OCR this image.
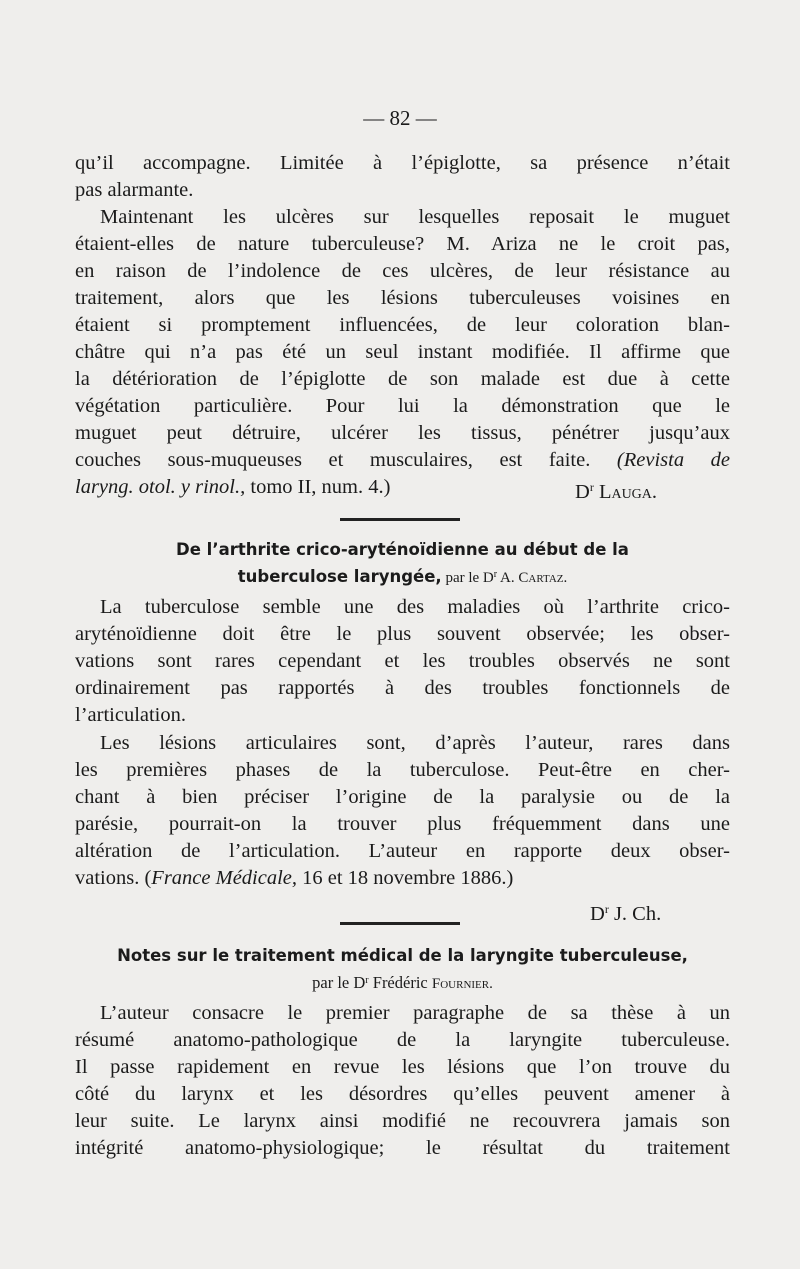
— 82 —
qu’il accompagne. Limitée à l’épiglotte, sa présence n’était
pas alarmante.
Maintenant les ulcères sur lesquelles reposait le muguet
étaient-elles de nature tuberculeuse? M. Ariza ne le croit pas,
en raison de l’indolence de ces ulcères, de leur résistance au
traitement, alors que les lésions tuberculeuses voisines en
étaient si promptement influencées, de leur coloration blan-
châtre qui n’a pas été un seul instant modifiée. Il affirme que
la détérioration de l’épiglotte de son malade est due à cette
végétation particulière. Pour lui la démonstration que le
muguet peut détruire, ulcérer les tissus, pénétrer jusqu’aux
couches sous-muqueuses et musculaires, est faite. (Revista de
laryng. otol. y rinol., tomo II, num. 4.)	$D^r$ Lauga.
De l’arthrite crico-aryténoïdienne au début de la
tuberculose laryngée, par le $D^r$ A. Cartaz.
La tuberculose semble une des maladies où l’arthrite crico-
aryténoïdienne doit être le plus souvent observée; les obser-
vations sont rares cependant et les troubles observés ne sont
ordinairement pas rapportés à des troubles fonctionnels de
l’articulation.
Les lésions articulaires sont, d’après l’auteur, rares dans
les premières phases de la tuberculose. Peut-être en cher-
chant à bien préciser l’origine de la paralysie ou de la
parésie, pourrait-on la trouver plus fréquemment dans une
altération de l’articulation. L’auteur en rapporte deux obser-
vations. (France Médicale, 16 et 18 novembre 1886.)
$D^r$ J. Ch.
Notes sur le traitement médical de la laryngite tuberculeuse,
par le $D^r$ Frédéric Fournier.
L’auteur consacre le premier paragraphe de sa thèse à un
résumé anatomo-pathologique de la laryngite tuberculeuse.
Il passe rapidement en revue les lésions que l’on trouve du
côté du larynx et les désordres qu’elles peuvent amener à
leur suite. Le larynx ainsi modifié ne recouvrera jamais son
intégrité anatomo-physiologique; le résultat du traitement
